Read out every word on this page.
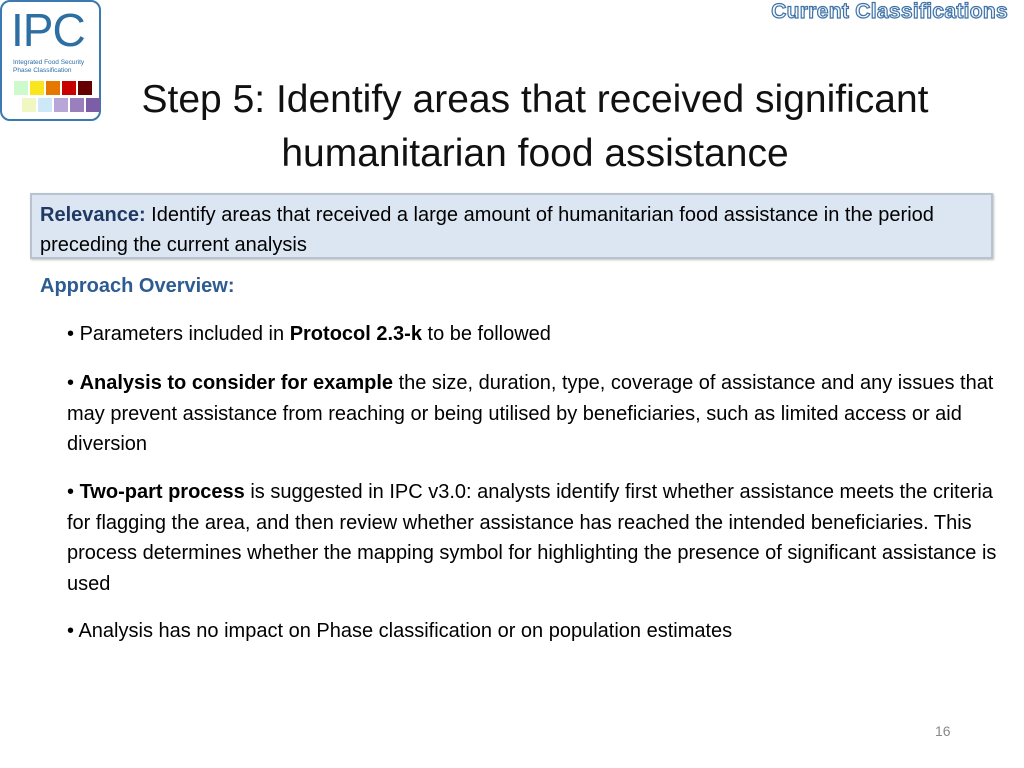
IPC
Integrated Food Security
Phase Classification
Current Classifications
Step 5: Identify areas that received significant
humanitarian food assistance
Relevance: Identify areas that received a large amount of humanitarian food assistance in the period preceding the current analysis
Approach Overview:

• Parameters included in Protocol 2.3-k to be followed

• Analysis to consider for example the size, duration, type, coverage of assistance and any issues that may prevent assistance from reaching or being utilised by beneficiaries, such as limited access or aid diversion

• Two-part process is suggested in IPC v3.0: analysts identify first whether assistance meets the criteria for flagging the area, and then review whether assistance has reached the intended beneficiaries. This process determines whether the mapping symbol for highlighting the presence of significant assistance is used

• Analysis has no impact on Phase classification or on population estimates

16
